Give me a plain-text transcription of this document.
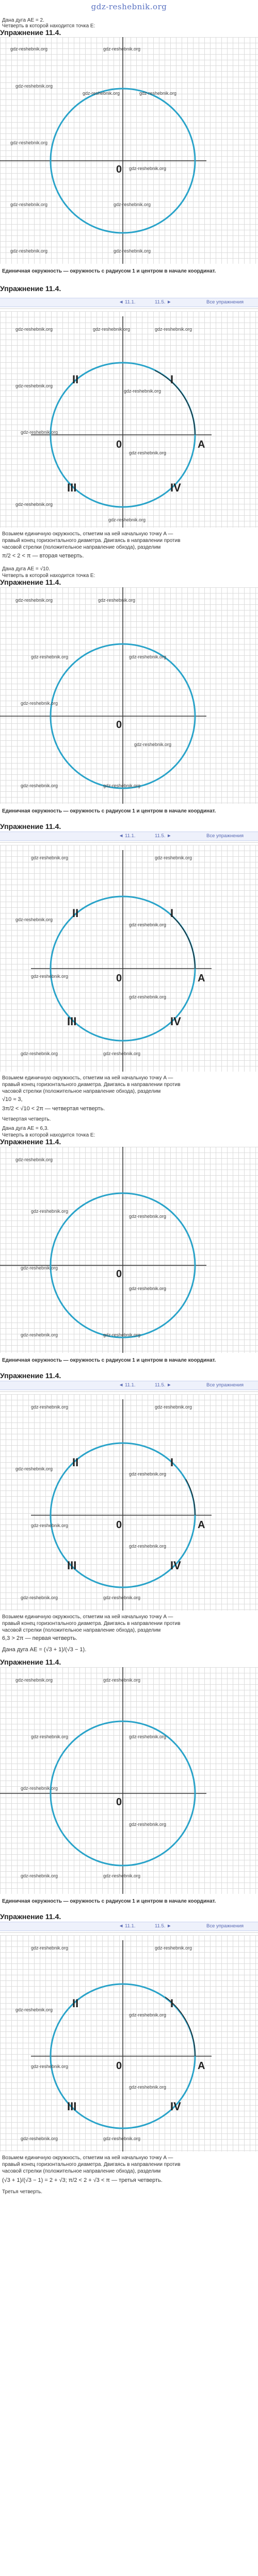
gdz-reshebnik.org
Дана дуга AE = 2.
Четверть в которой находится точка E:
Упражнение 11.4.
gdz-reshebnik.org	gdz-reshebnik.org
gdz-reshebnik.org
gdz-reshebnik.org	gdz-reshebnik.org
gdz-reshebnik.org
gdz-reshebnik.org
gdz-reshebnik.org	gdz-reshebnik.org
gdz-reshebnik.org	gdz-reshebnik.org
0
Единичная окружность — окружность с радиусом 1 и центром в начале координат.
Упражнение 11.4.
◄ 11.1.	11.5. ►	Все упражнения
II	I
III	IV
0	A
gdz-reshebnik.org	gdz-reshebnik.org	gdz-reshebnik.org
gdz-reshebnik.org
gdz-reshebnik.org
gdz-reshebnik.org
gdz-reshebnik.org
gdz-reshebnik.org
gdz-reshebnik.org
Возьмем единичную окружность, отметим на ней начальную точку A —
правый конец горизонтального диаметра. Двигаясь в направлении против
часовой стрелки (положительное направление обхода), разделим
π/2 < 2 < π — вторая четверть.
Дана дуга AE = √10.
Четверть в которой находится точка E:
Упражнение 11.4.
0
gdz-reshebnik.org	gdz-reshebnik.org
gdz-reshebnik.org	gdz-reshebnik.org
gdz-reshebnik.org
gdz-reshebnik.org
gdz-reshebnik.org	gdz-reshebnik.org
Единичная окружность — окружность с радиусом 1 и центром в начале координат.
Упражнение 11.4.
◄ 11.1.	11.5. ►	Все упражнения
II	I
III	IV
0	A
gdz-reshebnik.org	gdz-reshebnik.org
gdz-reshebnik.org
gdz-reshebnik.org
gdz-reshebnik.org
gdz-reshebnik.org
gdz-reshebnik.org	gdz-reshebnik.org
Возьмем единичную окружность, отметим на ней начальную точку A —
правый конец горизонтального диаметра. Двигаясь в направлении против
часовой стрелки (положительное направление обхода), разделим
√10 ≈ 3,
3π/2 < √10 < 2π — четвертая четверть.
Четвертая четверть.
Дана дуга AE = 6,3.
Четверть в которой находится точка E:
Упражнение 11.4.
0
gdz-reshebnik.org
gdz-reshebnik.org
gdz-reshebnik.org
gdz-reshebnik.org
gdz-reshebnik.org
gdz-reshebnik.org	gdz-reshebnik.org
Единичная окружность — окружность с радиусом 1 и центром в начале координат.
Упражнение 11.4.
◄ 11.1.	11.5. ►	Все упражнения
II	I
III	IV
0	A
gdz-reshebnik.org	gdz-reshebnik.org
gdz-reshebnik.org
gdz-reshebnik.org
gdz-reshebnik.org
gdz-reshebnik.org
gdz-reshebnik.org	gdz-reshebnik.org
Возьмем единичную окружность, отметим на ней начальную точку A —
правый конец горизонтального диаметра. Двигаясь в направлении против
часовой стрелки (положительное направление обхода), разделим
6,3 > 2π — первая четверть.
Дана дуга AE = (√3 + 1)/(√3 − 1).
Упражнение 11.4.
0
gdz-reshebnik.org	gdz-reshebnik.org
gdz-reshebnik.org	gdz-reshebnik.org
gdz-reshebnik.org
gdz-reshebnik.org
gdz-reshebnik.org	gdz-reshebnik.org
Единичная окружность — окружность с радиусом 1 и центром в начале координат.
Упражнение 11.4.
◄ 11.1.	11.5. ►	Все упражнения
II	I
III	IV
0	A
gdz-reshebnik.org	gdz-reshebnik.org
gdz-reshebnik.org
gdz-reshebnik.org
gdz-reshebnik.org
gdz-reshebnik.org
gdz-reshebnik.org	gdz-reshebnik.org
Возьмем единичную окружность, отметим на ней начальную точку A —
правый конец горизонтального диаметра. Двигаясь в направлении против
часовой стрелки (положительное направление обхода), разделим
(√3 + 1)/(√3 − 1) = 2 + √3; π/2 < 2 + √3 < π — третья четверть.
Третья четверть.
